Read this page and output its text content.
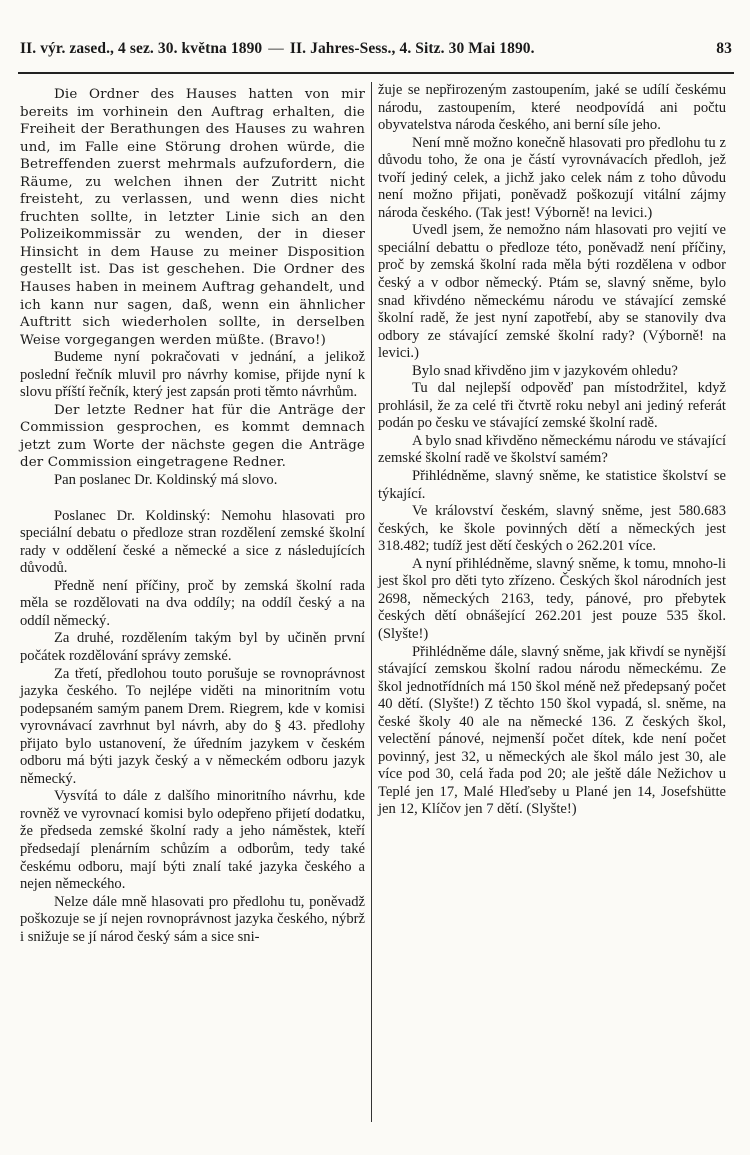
II. výr. zased., 4 sez. 30. května 1890 — II. Jahres-Sess., 4. Sitz. 30 Mai 1890.	83

Die Ordner des Hauses hatten von mir bereits im vorhinein den Auftrag erhalten, die Freiheit der Berathungen des Hauses zu wahren und, im Falle eine Störung drohen würde, die Betreffenden zuerst mehrmals aufzufordern, die Räume, zu welchen ihnen der Zutritt nicht freisteht, zu verlassen, und wenn dies nicht fruchten sollte, in letzter Linie sich an den Polizeikommissär zu wenden, der in dieser Hinsicht in dem Hause zu meiner Disposition gestellt ist. Das ist geschehen. Die Ordner des Hauses haben in meinem Auftrag gehandelt, und ich kann nur sagen, daß, wenn ein ähnlicher Auftritt sich wiederholen sollte, in derselben Weise vorgegangen werden müßte. (Bravo!)

Budeme nyní pokračovati v jednání, a jelikož poslední řečník mluvil pro návrhy komise, přijde nyní k slovu příští řečník, který jest zapsán proti těmto návrhům.

Der letzte Redner hat für die Anträge der Commission gesprochen, es kommt demnach jetzt zum Worte der nächste gegen die Anträge der Commission eingetragene Redner.

Pan poslanec Dr. Koldinský má slovo.

Poslanec Dr. Koldinský: Nemohu hlasovati pro speciální debatu o předloze stran rozdělení zemské školní rady v oddělení české a německé a sice z následujících důvodů.

Předně není příčiny, proč by zemská školní rada měla se rozdělovati na dva oddíly; na oddíl český a na oddíl německý.

Za druhé, rozdělením takým byl by učiněn první počátek rozdělování správy zemské.

Za třetí, předlohou touto porušuje se rovnoprávnost jazyka českého. To nejlépe viděti na minoritním votu podepsaném samým panem Drem. Riegrem, kde v komisi vyrovnávací zavrhnut byl návrh, aby do § 43. předlohy přijato bylo ustanovení, že úředním jazykem v českém odboru má býti jazyk český a v německém odboru jazyk německý.

Vysvítá to dále z dalšího minoritního návrhu, kde rovněž ve vyrovnací komisi bylo odepřeno přijetí dodatku, že předseda zemské školní rady a jeho náměstek, kteří předsedají plenárním schůzím a odborům, tedy také českému odboru, mají býti znalí také jazyka českého a nejen německého.

Nelze dále mně hlasovati pro předlohu tu, poněvadž poškozuje se jí nejen rovnoprávnost jazyka českého, nýbrž i snižuje se jí národ český sám a sice sni-

žuje se nepřirozeným zastoupením, jaké se udílí českému národu, zastoupením, které neodpovídá ani počtu obyvatelstva národa českého, ani berní síle jeho.

Není mně možno konečně hlasovati pro předlohu tu z důvodu toho, že ona je částí vyrovnávacích předloh, jež tvoří jediný celek, a jichž jako celek nám z toho důvodu není možno přijati, poněvadž poškozují vitální zájmy národa českého. (Tak jest! Výborně! na levici.)

Uvedl jsem, že nemožno nám hlasovati pro vejití ve speciální debattu o předloze této, poněvadž není příčiny, proč by zemská školní rada měla býti rozdělena v odbor český a v odbor německý. Ptám se, slavný sněme, bylo snad křivdéno německému národu ve stávající zemské školní radě, že jest nyní zapotřebí, aby se stanovily dva odbory ze stávající zemské školní rady? (Výborně! na levici.)

Bylo snad křivděno jim v jazykovém ohledu?

Tu dal nejlepší odpověď pan místodržitel, když prohlásil, že za celé tři čtvrtě roku nebyl ani jediný referát podán po česku ve stávající zemské školní radě.

A bylo snad křivděno německému národu ve stávající zemské školní radě ve školství samém?

Přihlédněme, slavný sněme, ke statistice školství se týkající.

Ve království českém, slavný sněme, jest 580.683 českých, ke škole povinných dětí a německých jest 318.482; tudíž jest dětí českých o 262.201 více.

A nyní přihlédněme, slavný sněme, k tomu, mnoho-li jest škol pro děti tyto zřízeno. Českých škol národních jest 2698, německých 2163, tedy, pánové, pro přebytek českých dětí obnášející 262.201 jest pouze 535 škol. (Slyšte!)

Přihlédněme dále, slavný sněme, jak křivdí se nynější stávající zemskou školní radou národu německému. Ze škol jednotřídních má 150 škol méně než předepsaný počet 40 dětí. (Slyšte!) Z těchto 150 škol vypadá, sl. sněme, na české školy 40 ale na německé 136. Z českých škol, velectění pánové, nejmenší počet dítek, kde není počet povinný, jest 32, u německých ale škol málo jest 30, ale více pod 30, celá řada pod 20; ale ještě dále Nežichov u Teplé jen 17, Malé Hleďseby u Plané jen 14, Josefshütte jen 12, Klíčov jen 7 dětí. (Slyšte!)
